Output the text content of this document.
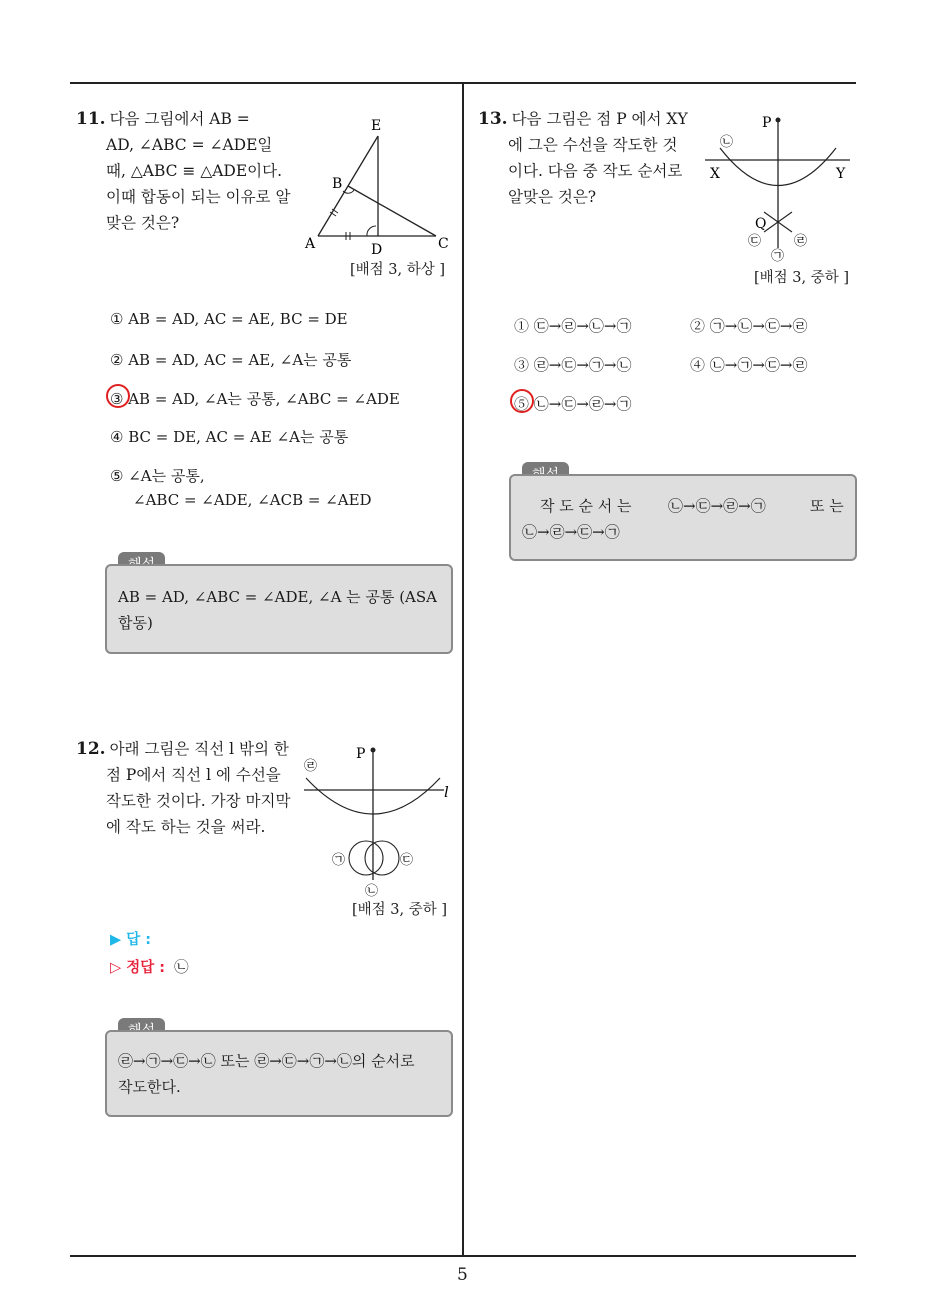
5
11. 다음 그림에서 AB =
AD, ∠ABC = ∠ADE일
때, △ABC ≡ △ADE이다.
이때 합동이 되는 이유로 알
맞은 것은?
E
B
A	D	C
[배점 3, 하상 ]
① AB = AD, AC = AE, BC = DE
② AB = AD, AC = AE, ∠A는 공통
③ AB = AD, ∠A는 공통, ∠ABC = ∠ADE
④ BC = DE, AC = AE ∠A는 공통
⑤ ∠A는 공통,
∠ABC = ∠ADE, ∠ACB = ∠AED
AB = AD, ∠ABC = ∠ADE, ∠A 는 공통 (ASA
합동)
12. 아래 그림은 직선 l 밖의 한
점 P에서 직선 l 에 수선을
작도한 것이다. 가장 마지막
에 작도 하는 것을 써라.
P
l
㉣
㉠	㉢
㉡
[배점 3, 중하 ]
▶ 답 :
▷ 정답 : ㉡
㉣→㉠→㉢→㉡ 또는 ㉣→㉢→㉠→㉡의 순서로
작도한다.
13. 다음 그림은 점 P 에서 XY
에 그은 수선을 작도한 것
이다. 다음 중 작도 순서로
알맞은 것은?
P
X	Y
Q
㉡
㉢	㉣
㉠
[배점 3, 중하 ]
① ㉢→㉣→㉡→㉠	② ㉠→㉡→㉢→㉣
③ ㉣→㉢→㉠→㉡	④ ㉡→㉠→㉢→㉣
⑤ ㉡→㉢→㉣→㉠
작 도 순 서 는 ㉡→㉢→㉣→㉠	또 는
㉡→㉣→㉢→㉠
